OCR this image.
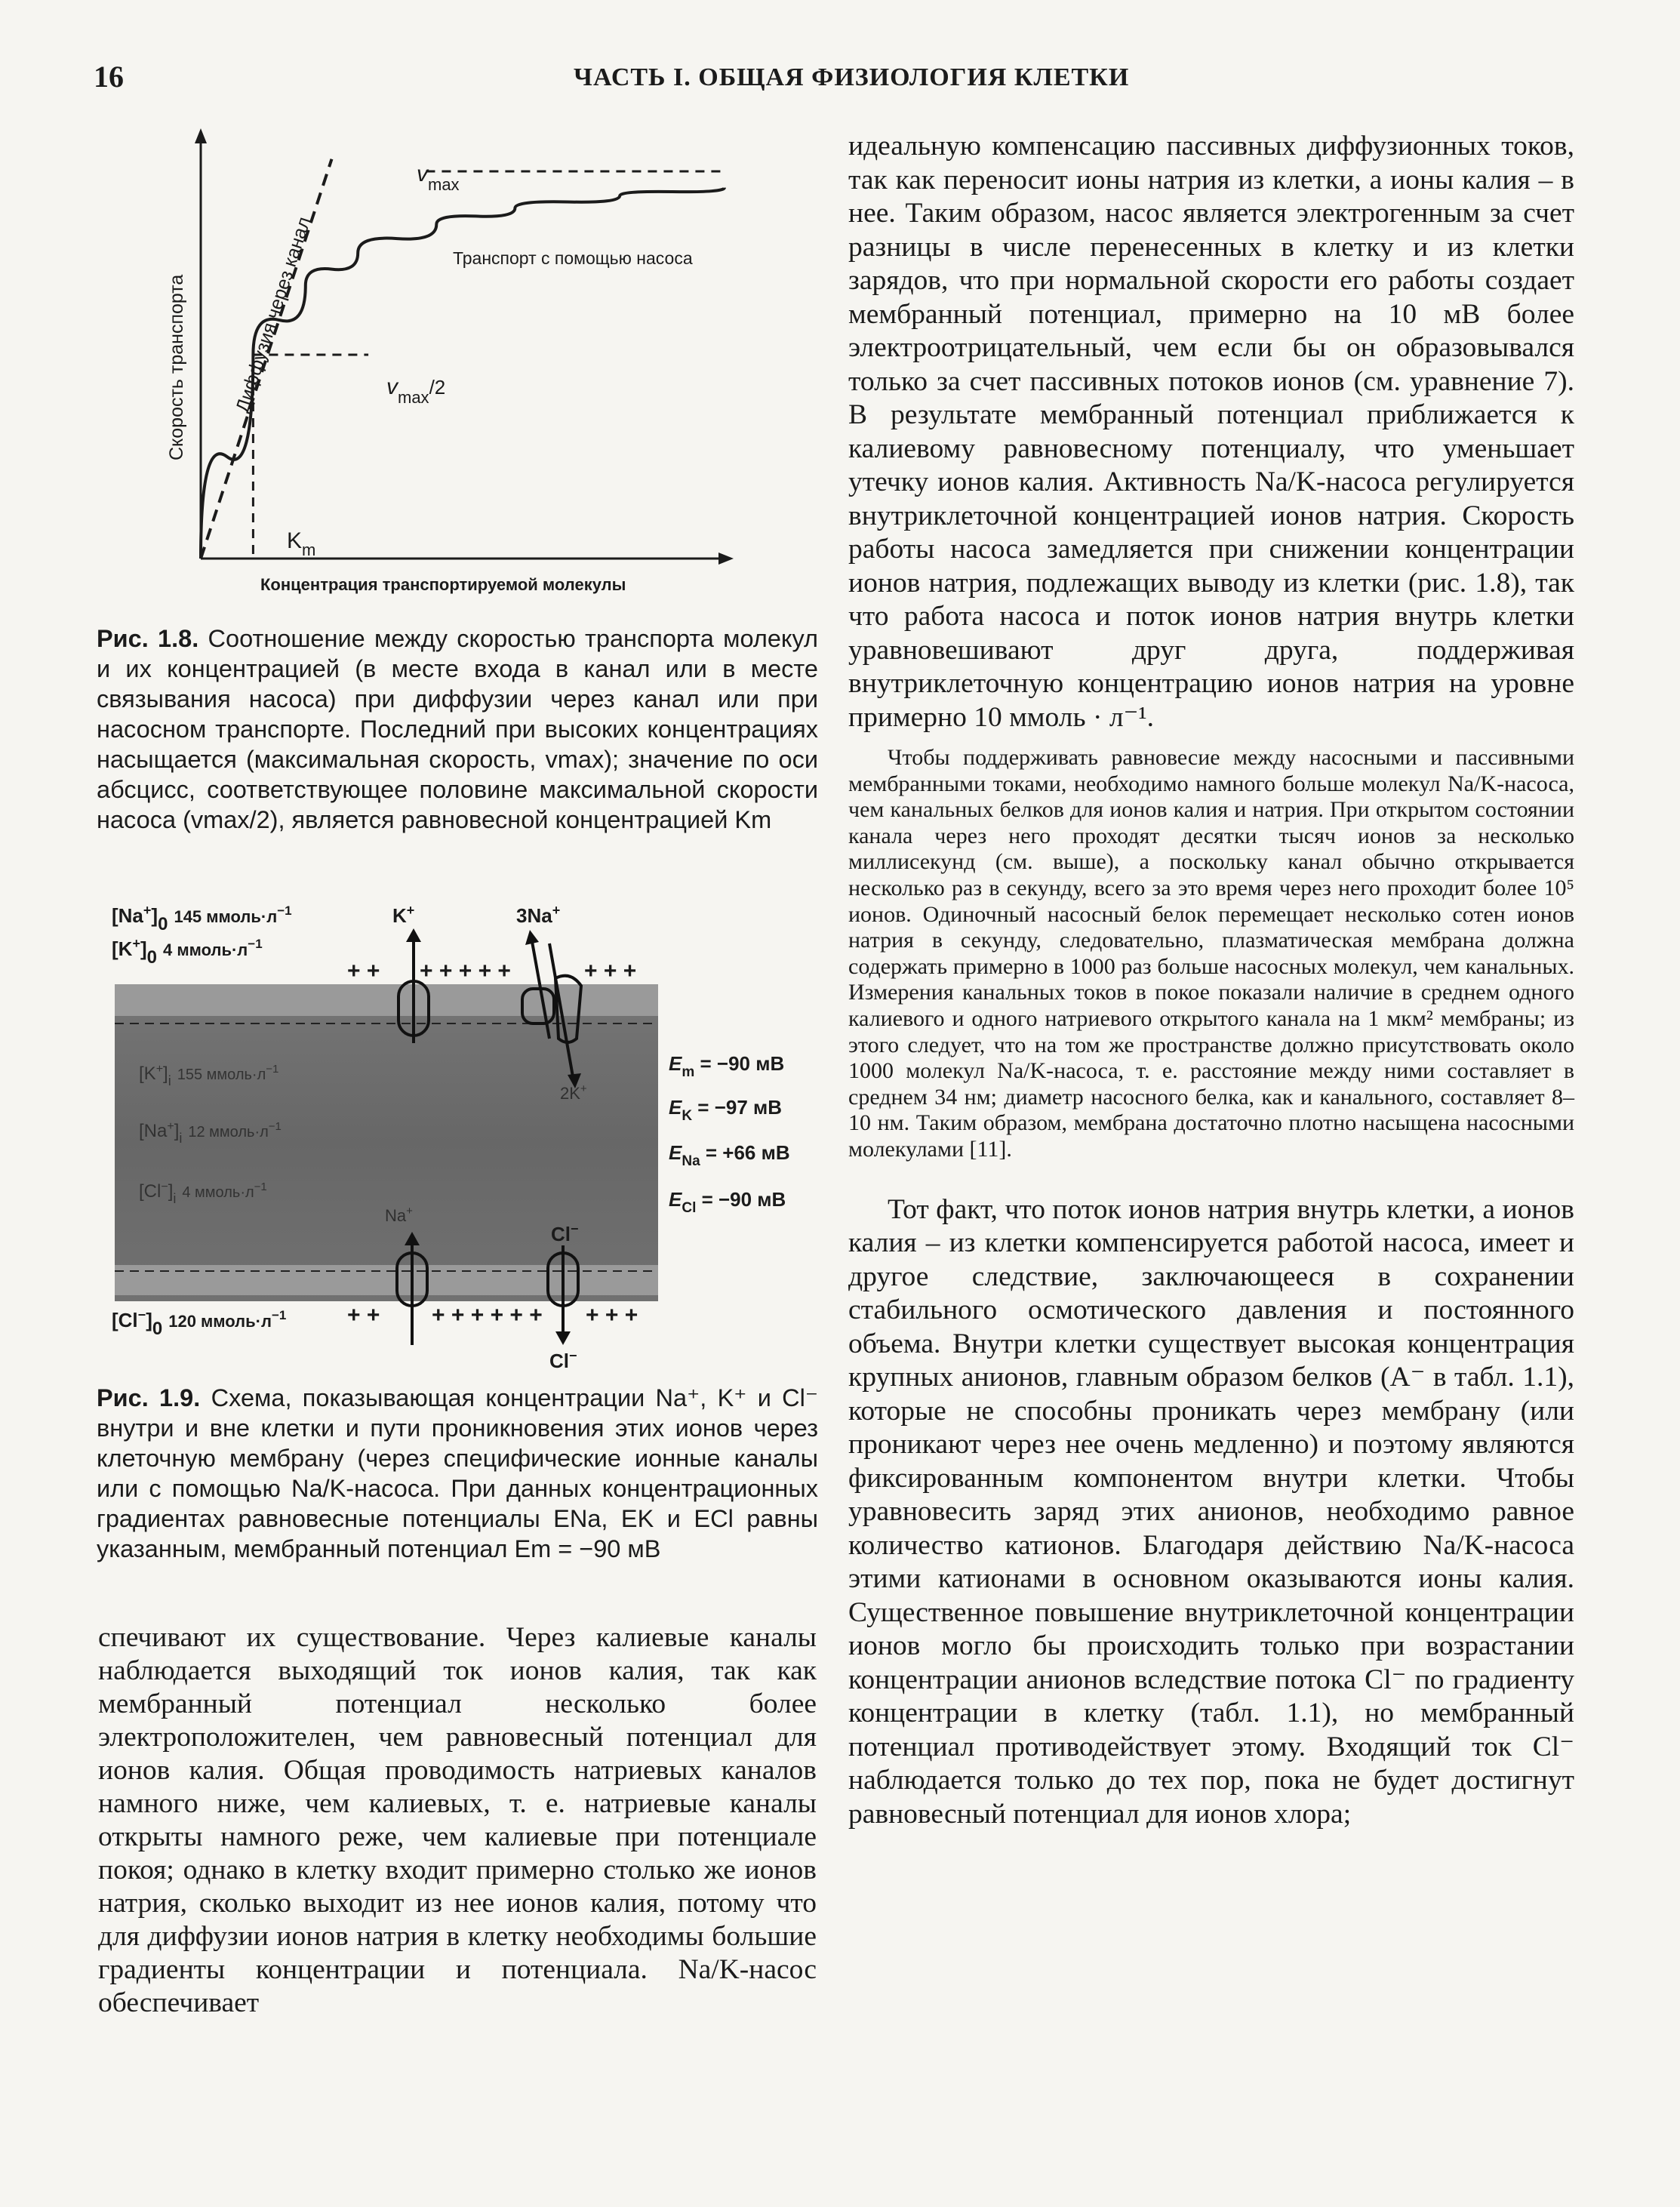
16	ЧАСТЬ I. ОБЩАЯ ФИЗИОЛОГИЯ КЛЕТКИ
Скорость транспорта
Концентрация транспортируемой молекулы
Диффузия через канал	Транспорт с помощью насоса
$v_{max}$
$v_{max}/2$
$K_m$
Рис. 1.8. Соотношение между скоростью транспорта молекул и их концентрацией (в месте входа в канал или в месте связывания насоса) при диффузии через канал или при насосном транспорте. Последний при высоких концентрациях насыщается (максимальная скорость, vmax); значение по оси абсцисс, соответствующее половине максимальной скорости насоса (vmax/2), является равновесной концентрацией Km
[Na+]0 $^{145 ммоль\cdot л-1}$
[K+]0 $^{4 ммоль\cdot л-1}$
K+	3Na+
+ + + + + + +	+ + +
$[K^+]_i$ $^{155 ммоль\cdot л-1}$
$[Na^+]_i$ $^{12 ммоль\cdot л-1}$
$[Cl^-]_i$ $^{4 ммоль\cdot л-1}$
2K+
Na+
Cl−
$E_m = -90$ мВ
$E_K = -97$ мВ
$E_{Na} = +66$ мВ
$E_{Cl} = -90$ мВ
[Cl−]0 $^{120 ммоль\cdot л-1}$	+ + + + + + + + + + +
Cl−
Рис. 1.9. Схема, показывающая концентрации Na⁺, K⁺ и Cl⁻ внутри и вне клетки и пути проникновения этих ионов через клеточную мембрану (через специфические ионные каналы или с помощью Na/K-насоса. При данных концентрационных градиентах равновесные потенциалы ENa, EK и ECl равны указанным, мембранный потенциал Em = −90 мВ

спечивают их существование. Через калиевые каналы наблюдается выходящий ток ионов калия, так как мембранный потенциал несколько более электроположителен, чем равновесный потенциал для ионов калия. Общая проводимость натриевых каналов намного ниже, чем калиевых, т. е. натриевые каналы открыты намного реже, чем калиевые при потенциале покоя; однако в клетку входит примерно столько же ионов натрия, сколько выходит из нее ионов калия, потому что для диффузии ионов натрия в клетку необходимы большие градиенты концентрации и потенциала. Na/K-насос обеспечивает

идеальную компенсацию пассивных диффузионных токов, так как переносит ионы натрия из клетки, а ионы калия – в нее. Таким образом, насос является электрогенным за счет разницы в числе перенесенных в клетку и из клетки зарядов, что при нормальной скорости его работы создает мембранный потенциал, примерно на 10 мВ более электроотрицательный, чем если бы он образовывался только за счет пассивных потоков ионов (см. уравнение 7). В результате мембранный потенциал приближается к калиевому равновесному потенциалу, что уменьшает утечку ионов калия. Активность Na/K-насоса регулируется внутриклеточной концентрацией ионов натрия. Скорость работы насоса замедляется при снижении концентрации ионов натрия, подлежащих выводу из клетки (рис. 1.8), так что работа насоса и поток ионов натрия внутрь клетки уравновешивают друг друга, поддерживая внутриклеточную концентрацию ионов натрия на уровне примерно 10 ммоль · л⁻¹.

Чтобы поддерживать равновесие между насосными и пассивными мембранными токами, необходимо намного больше молекул Na/K-насоса, чем канальных белков для ионов калия и натрия. При открытом состоянии канала через него проходят десятки тысяч ионов за несколько миллисекунд (см. выше), а поскольку канал обычно открывается несколько раз в секунду, всего за это время через него проходит более 10⁵ ионов. Одиночный насосный белок перемещает несколько сотен ионов натрия в секунду, следовательно, плазматическая мембрана должна содержать примерно в 1000 раз больше насосных молекул, чем канальных. Измерения канальных токов в покое показали наличие в среднем одного калиевого и одного натриевого открытого канала на 1 мкм² мембраны; из этого следует, что на том же пространстве должно присутствовать около 1000 молекул Na/K-насоса, т. е. расстояние между ними составляет в среднем 34 нм; диаметр насосного белка, как и канального, составляет 8–10 нм. Таким образом, мембрана достаточно плотно насыщена насосными молекулами [11].

Тот факт, что поток ионов натрия внутрь клетки, а ионов калия – из клетки компенсируется работой насоса, имеет и другое следствие, заключающееся в сохранении стабильного осмотического давления и постоянного объема. Внутри клетки существует высокая концентрация крупных анионов, главным образом белков (A⁻ в табл. 1.1), которые не способны проникать через мембрану (или проникают через нее очень медленно) и поэтому являются фиксированным компонентом внутри клетки. Чтобы уравновесить заряд этих анионов, необходимо равное количество катионов. Благодаря действию Na/K-насоса этими катионами в основном оказываются ионы калия. Существенное повышение внутриклеточной концентрации ионов могло бы происходить только при возрастании концентрации анионов вследствие потока Cl⁻ по градиенту концентрации в клетку (табл. 1.1), но мембранный потенциал противодействует этому. Входящий ток Cl⁻ наблюдается только до тех пор, пока не будет достигнут равновесный потенциал для ионов хлора;
